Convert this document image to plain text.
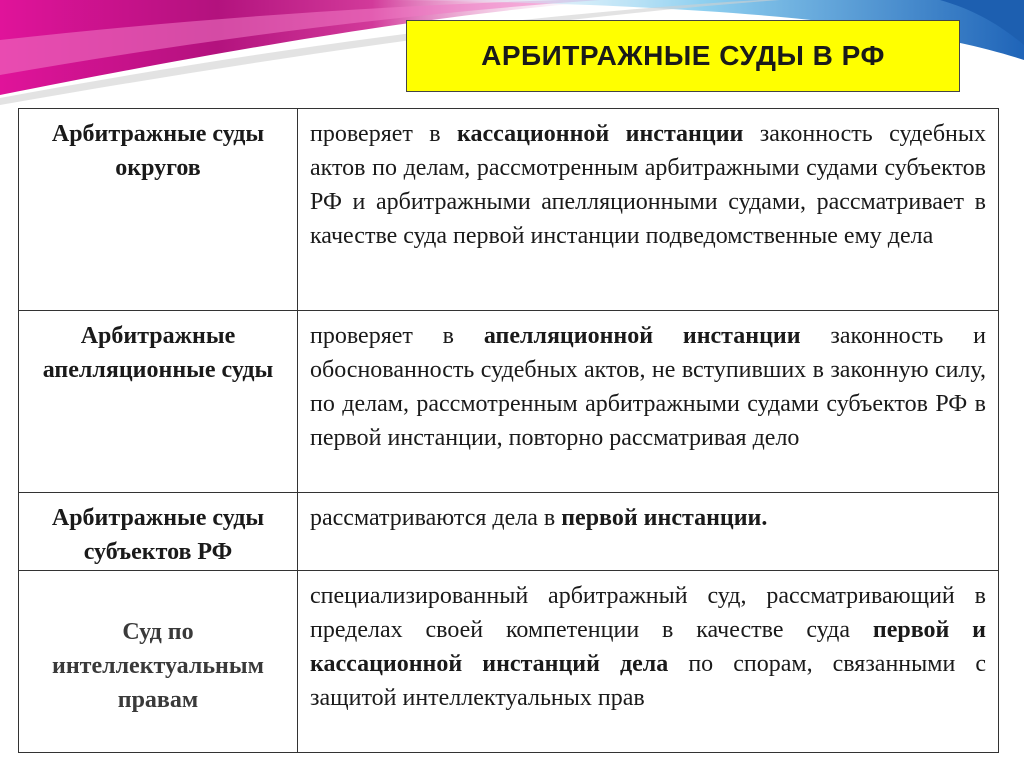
АРБИТРАЖНЫЕ СУДЫ В РФ
Арбитражные суды округов	проверяет в кассационной инстанции законность судебных актов по делам, рассмотренным арбитражными судами субъектов РФ и арбитражными апелляционными судами, рассматривает в качестве суда первой инстанции подведомственные ему дела
Арбитражные апелляционные суды	проверяет в апелляционной инстанции законность и обоснованность судебных актов, не вступивших в законную силу, по делам, рассмотренным арбитражными судами субъектов РФ в первой инстанции, повторно рассматривая дело
Арбитражные суды субъектов РФ	рассматриваются дела в первой инстанции.
Суд по интеллектуальным правам	специализированный арбитражный суд, рассматривающий в пределах своей компетенции в качестве суда первой и кассационной инстанций дела по спорам, связанными с защитой интеллектуальных прав
